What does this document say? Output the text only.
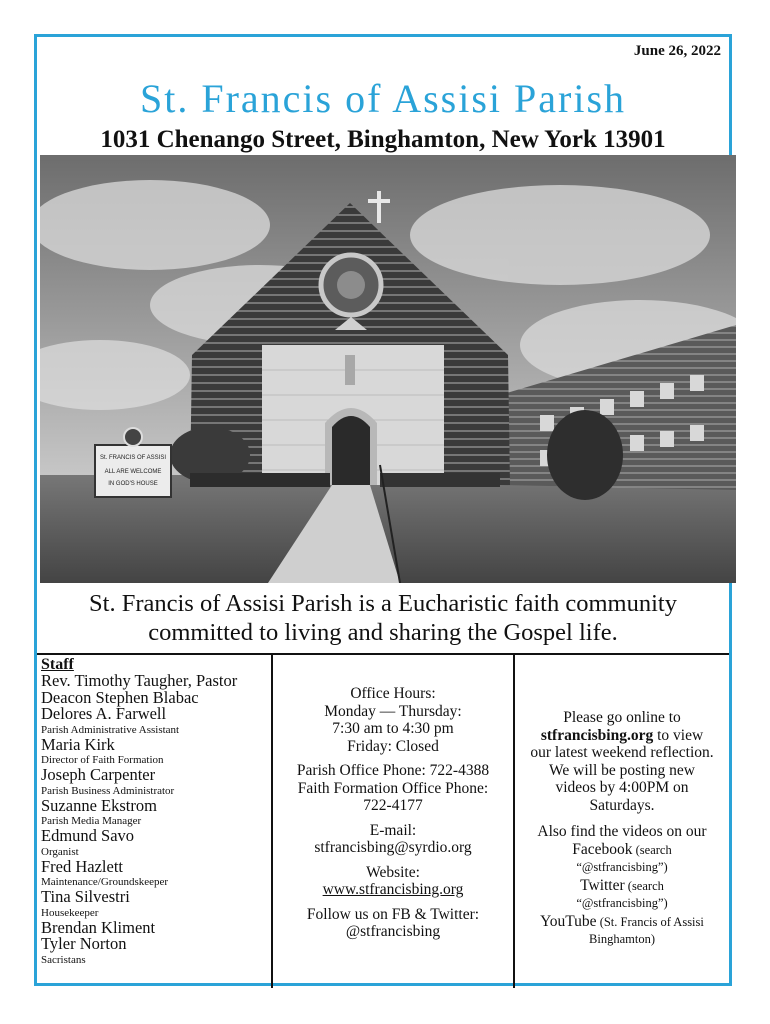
June 26, 2022
St. Francis of Assisi Parish
1031 Chenango Street, Binghamton, New York 13901
St. FRANCIS OF ASSISI
ALL ARE WELCOME
IN GOD'S HOUSE
St. Francis of Assisi Parish is a Eucharistic faith community
committed to living and sharing the Gospel life.
Staff
Rev. Timothy Taugher, Pastor
Deacon Stephen Blabac
Delores A. Farwell
Parish Administrative Assistant
Maria Kirk
Director of Faith Formation
Joseph Carpenter
Parish Business Administrator
Suzanne Ekstrom
Parish Media Manager
Edmund Savo
Organist
Fred Hazlett
Maintenance/Groundskeeper
Tina Silvestri
Housekeeper
Brendan Kliment
Tyler Norton
Sacristans
Office Hours:
Monday — Thursday:
7:30 am to 4:30 pm
Friday: Closed
Parish Office Phone: 722-4388
Faith Formation Office Phone:
722-4177
E-mail:
stfrancisbing@syrdio.org
Website:
www.stfrancisbing.org
Follow us on FB & Twitter:
@stfrancisbing
Please go online to
stfrancisbing.org to view
our latest weekend reflection.
We will be posting new
videos by 4:00PM on
Saturdays.
Also find the videos on our
Facebook (search
“@stfrancisbing”)
Twitter (search
“@stfrancisbing”)
YouTube (St. Francis of Assisi
Binghamton)
